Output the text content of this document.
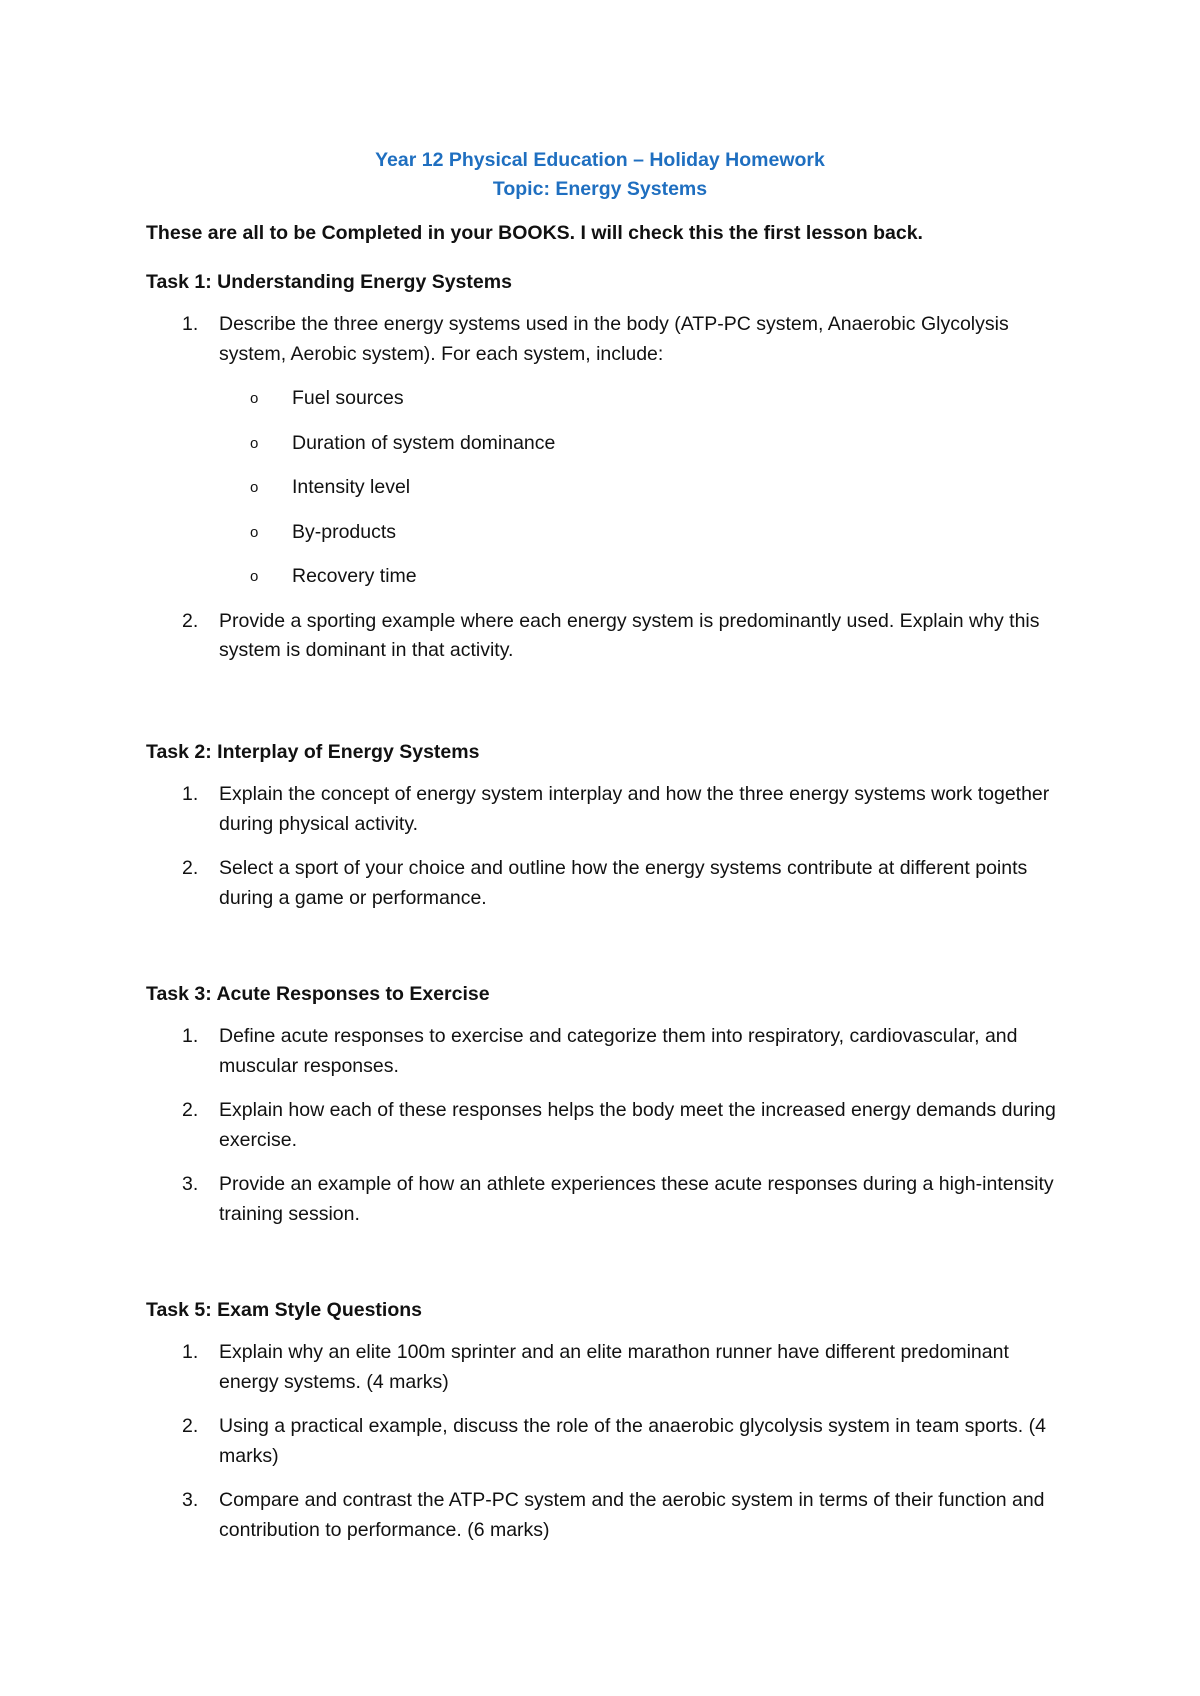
Year 12 Physical Education – Holiday Homework

Topic: Energy Systems

These are all to be Completed in your BOOKS. I will check this the first lesson back.

Task 1: Understanding Energy Systems

1. Describe the three energy systems used in the body (ATP-PC system, Anaerobic Glycolysis system, Aerobic system). For each system, include:
o Fuel sources
o Duration of system dominance
o Intensity level
o By-products
o Recovery time
2. Provide a sporting example where each energy system is predominantly used. Explain why this system is dominant in that activity.

Task 2: Interplay of Energy Systems

1. Explain the concept of energy system interplay and how the three energy systems work together during physical activity.
2. Select a sport of your choice and outline how the energy systems contribute at different points during a game or performance.

Task 3: Acute Responses to Exercise

1. Define acute responses to exercise and categorize them into respiratory, cardiovascular, and muscular responses.
2. Explain how each of these responses helps the body meet the increased energy demands during exercise.
3. Provide an example of how an athlete experiences these acute responses during a high-intensity training session.

Task 5: Exam Style Questions

1. Explain why an elite 100m sprinter and an elite marathon runner have different predominant energy systems. (4 marks)
2. Using a practical example, discuss the role of the anaerobic glycolysis system in team sports. (4 marks)
3. Compare and contrast the ATP-PC system and the aerobic system in terms of their function and contribution to performance. (6 marks)
